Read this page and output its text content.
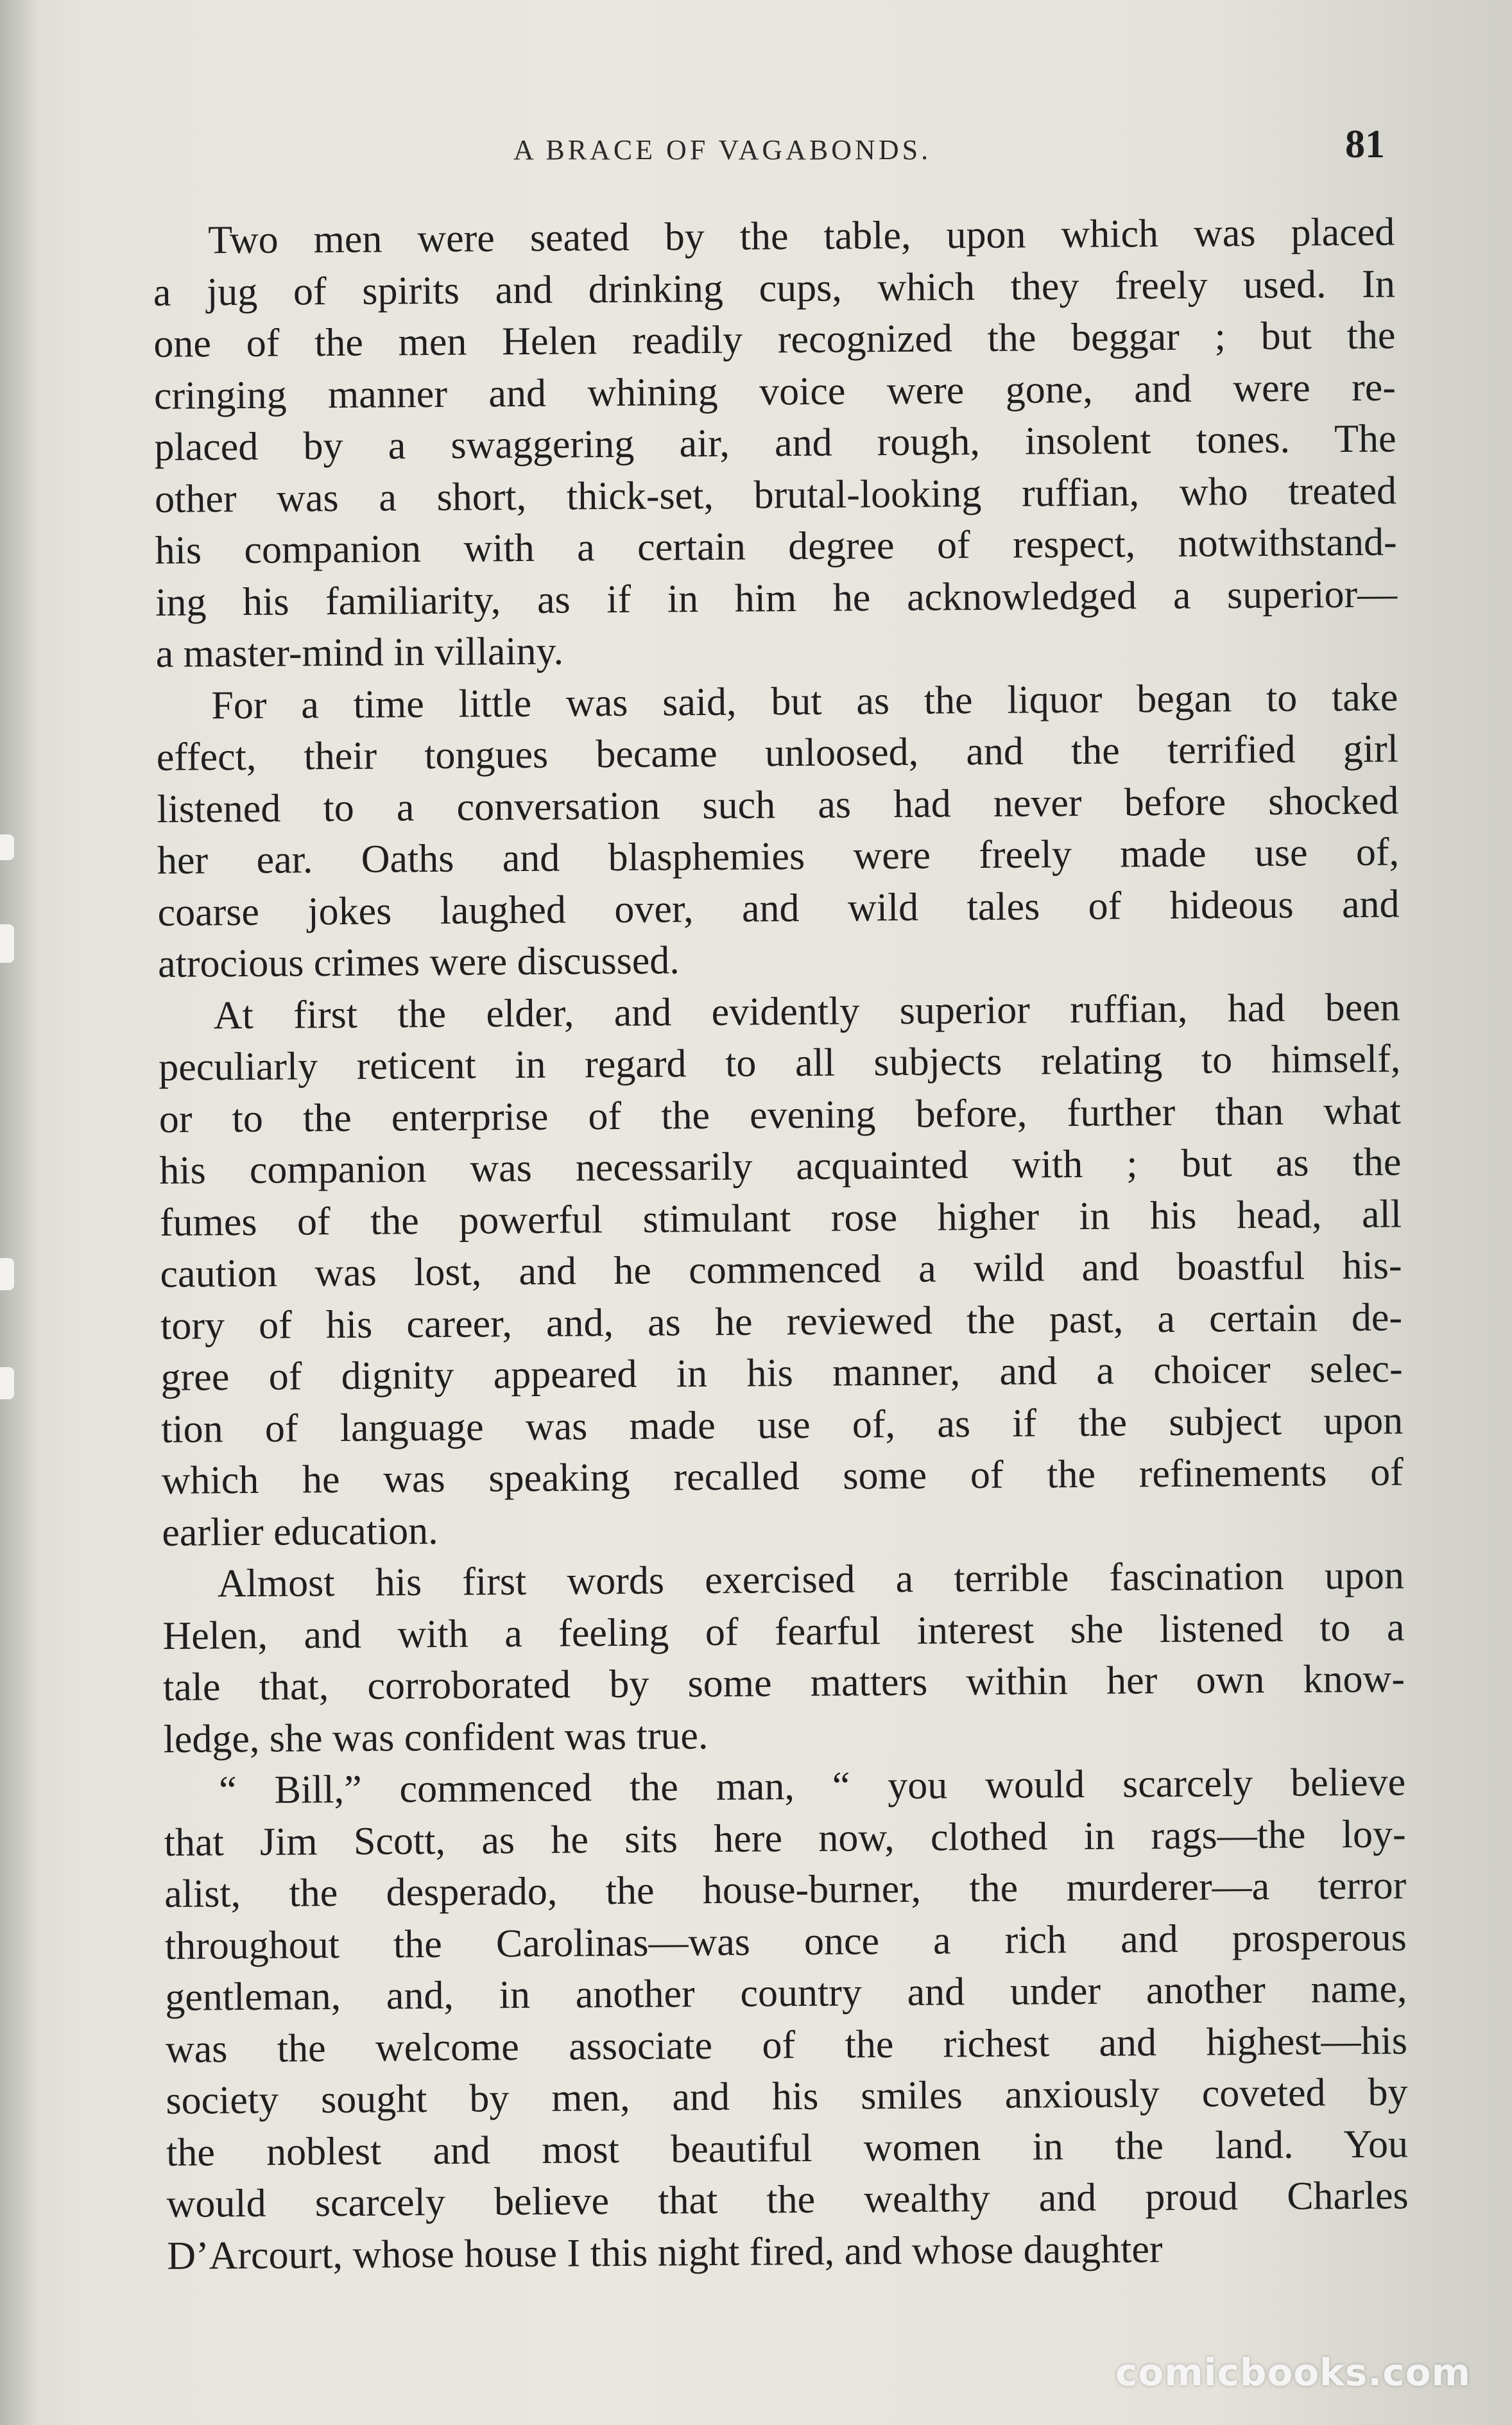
A BRACE OF VAGABONDS.	81

Two men were seated by the table, upon which was placed
a jug of spirits and drinking cups, which they freely used. In
one of the men Helen readily recognized the beggar ; but the
cringing manner and whining voice were gone, and were re-
placed by a swaggering air, and rough, insolent tones. The
other was a short, thick-set, brutal-looking ruffian, who treated
his companion with a certain degree of respect, notwithstand-
ing his familiarity, as if in him he acknowledged a superior—
a master-mind in villainy.

For a time little was said, but as the liquor began to take
effect, their tongues became unloosed, and the terrified girl
listened to a conversation such as had never before shocked
her ear. Oaths and blasphemies were freely made use of,
coarse jokes laughed over, and wild tales of hideous and
atrocious crimes were discussed.

At first the elder, and evidently superior ruffian, had been
peculiarly reticent in regard to all subjects relating to himself,
or to the enterprise of the evening before, further than what
his companion was necessarily acquainted with ; but as the
fumes of the powerful stimulant rose higher in his head, all
caution was lost, and he commenced a wild and boastful his-
tory of his career, and, as he reviewed the past, a certain de-
gree of dignity appeared in his manner, and a choicer selec-
tion of language was made use of, as if the subject upon
which he was speaking recalled some of the refinements of
earlier education.

Almost his first words exercised a terrible fascination upon
Helen, and with a feeling of fearful interest she listened to a
tale that, corroborated by some matters within her own know-
ledge, she was confident was true.

“ Bill,” commenced the man, “ you would scarcely believe
that Jim Scott, as he sits here now, clothed in rags—the loy-
alist, the desperado, the house-burner, the murderer—a terror
throughout the Carolinas—was once a rich and prosperous
gentleman, and, in another country and under another name,
was the welcome associate of the richest and highest—his
society sought by men, and his smiles anxiously coveted by
the noblest and most beautiful women in the land. You
would scarcely believe that the wealthy and proud Charles
D’Arcourt, whose house I this night fired, and whose daughter

comicbooks.com
